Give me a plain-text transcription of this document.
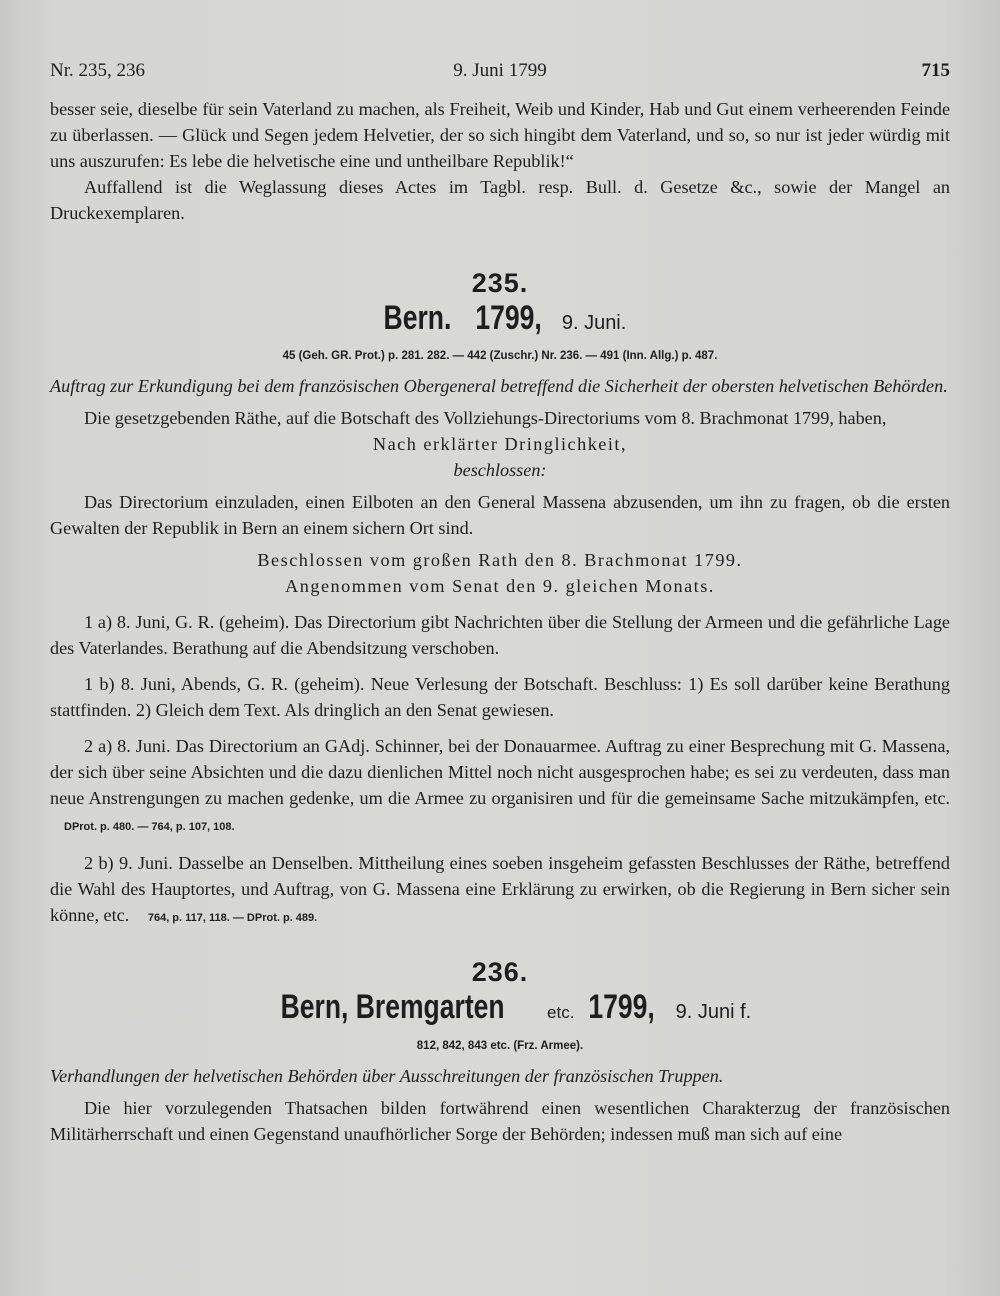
Nr. 235, 236	9. Juni 1799	715

besser seie, dieselbe für sein Vaterland zu machen, als Freiheit, Weib und Kinder, Hab und Gut einem verheerenden Feinde zu überlassen. — Glück und Segen jedem Helvetier, der so sich hingibt dem Vaterland, und so, so nur ist jeder würdig mit uns auszurufen: Es lebe die helvetische eine und untheilbare Republik!“

Auffallend ist die Weglassung dieses Actes im Tagbl. resp. Bull. d. Gesetze &c., sowie der Mangel an Druckexemplaren.

235.
Bern. 1799, 9. Juni.
45 (Geh. GR. Prot.) p. 281. 282. — 442 (Zuschr.) Nr. 236. — 491 (Inn. Allg.) p. 487.

Auftrag zur Erkundigung bei dem französischen Obergeneral betreffend die Sicherheit der obersten helvetischen Behörden.

Die gesetzgebenden Räthe, auf die Botschaft des Vollziehungs-Directoriums vom 8. Brachmonat 1799, haben,

Nach erklärter Dringlichkeit,

beschlossen:

Das Directorium einzuladen, einen Eilboten an den General Massena abzusenden, um ihn zu fragen, ob die ersten Gewalten der Republik in Bern an einem sichern Ort sind.

Beschlossen vom großen Rath den 8. Brachmonat 1799.

Angenommen vom Senat den 9. gleichen Monats.

1 a) 8. Juni, G. R. (geheim). Das Directorium gibt Nachrichten über die Stellung der Armeen und die gefährliche Lage des Vaterlandes. Berathung auf die Abendsitzung verschoben.

1 b) 8. Juni, Abends, G. R. (geheim). Neue Verlesung der Botschaft. Beschluss: 1) Es soll darüber keine Berathung stattfinden. 2) Gleich dem Text. Als dringlich an den Senat gewiesen.

2 a) 8. Juni. Das Directorium an GAdj. Schinner, bei der Donauarmee. Auftrag zu einer Besprechung mit G. Massena, der sich über seine Absichten und die dazu dienlichen Mittel noch nicht ausgesprochen habe; es sei zu verdeuten, dass man neue Anstrengungen zu machen gedenke, um die Armee zu organisiren und für die gemeinsame Sache mitzukämpfen, etc. DProt. p. 480. — 764, p. 107, 108.

2 b) 9. Juni. Dasselbe an Denselben. Mittheilung eines soeben insgeheim gefassten Beschlusses der Räthe, betreffend die Wahl des Hauptortes, und Auftrag, von G. Massena eine Erklärung zu erwirken, ob die Regierung in Bern sicher sein könne, etc. 764, p. 117, 118. — DProt. p. 489.

236.
Bern, Bremgarten	etc. 1799, 9. Juni f.
812, 842, 843 etc. (Frz. Armee).

Verhandlungen der helvetischen Behörden über Ausschreitungen der französischen Truppen.

Die hier vorzulegenden Thatsachen bilden fortwährend einen wesentlichen Charakterzug der französischen Militärherrschaft und einen Gegenstand unaufhörlicher Sorge der Behörden; indessen muß man sich auf eine
